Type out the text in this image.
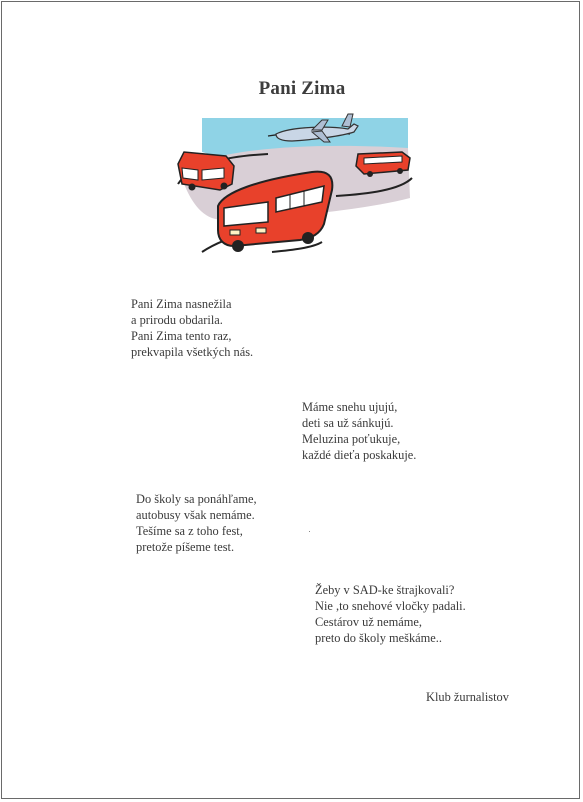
Pani Zima
Pani Zima nasnežila
a prirodu obdarila.
Pani Zima tento raz,
prekvapila všetkých nás.
Máme snehu ujujú,
deti sa už sánkujú.
Meluzina poťukuje,
každé dieťa poskakuje.
Do školy sa ponáhľame,
autobusy však nemáme.
Tešíme sa z toho fest,
pretože píšeme test.
Žeby v SAD-ke štrajkovali?
Nie ,to snehové vločky padali.
Cestárov už nemáme,
preto do školy meškáme..
Klub žurnalistov
